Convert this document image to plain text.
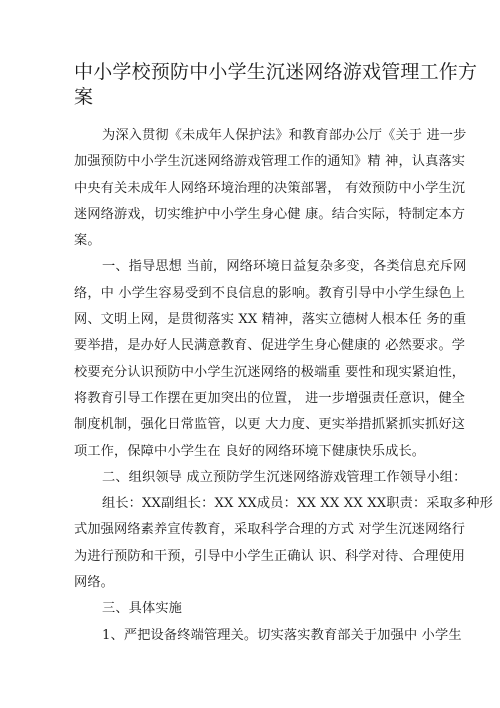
中小学校预防中小学生沉迷网络游戏管理工作方
案
为深入贯彻《未成年人保护法》和教育部办公厅《关于 进一步
加强预防中小学生沉迷网络游戏管理工作的通知》精 神，认真落实
中央有关未成年人网络环境治理的决策部署， 有效预防中小学生沉
迷网络游戏，切实维护中小学生身心健 康。结合实际，特制定本方
案。
一、指导思想 当前，网络环境日益复杂多变，各类信息充斥网
络，中 小学生容易受到不良信息的影响。教育引导中小学生绿色上
网、文明上网，是贯彻落实 XX 精神，落实立德树人根本任 务的重
要举措，是办好人民满意教育、促进学生身心健康的 必然要求。学
校要充分认识预防中小学生沉迷网络的极端重 要性和现实紧迫性，
将教育引导工作摆在更加突出的位置， 进一步增强责任意识，健全
制度机制，强化日常监管，以更 大力度、更实举措抓紧抓实抓好这
项工作，保障中小学生在 良好的网络环境下健康快乐成长。
二、组织领导 成立预防学生沉迷网络游戏管理工作领导小组：
组长：XX副组长：XX XX成员：XX XX XX XX职责：采取多种形
式加强网络素养宣传教育，采取科学合理的方式 对学生沉迷网络行
为进行预防和干预，引导中小学生正确认 识、科学对待、合理使用
网络。
三、具体实施
1、严把设备终端管理关。切实落实教育部关于加强中 小学生
